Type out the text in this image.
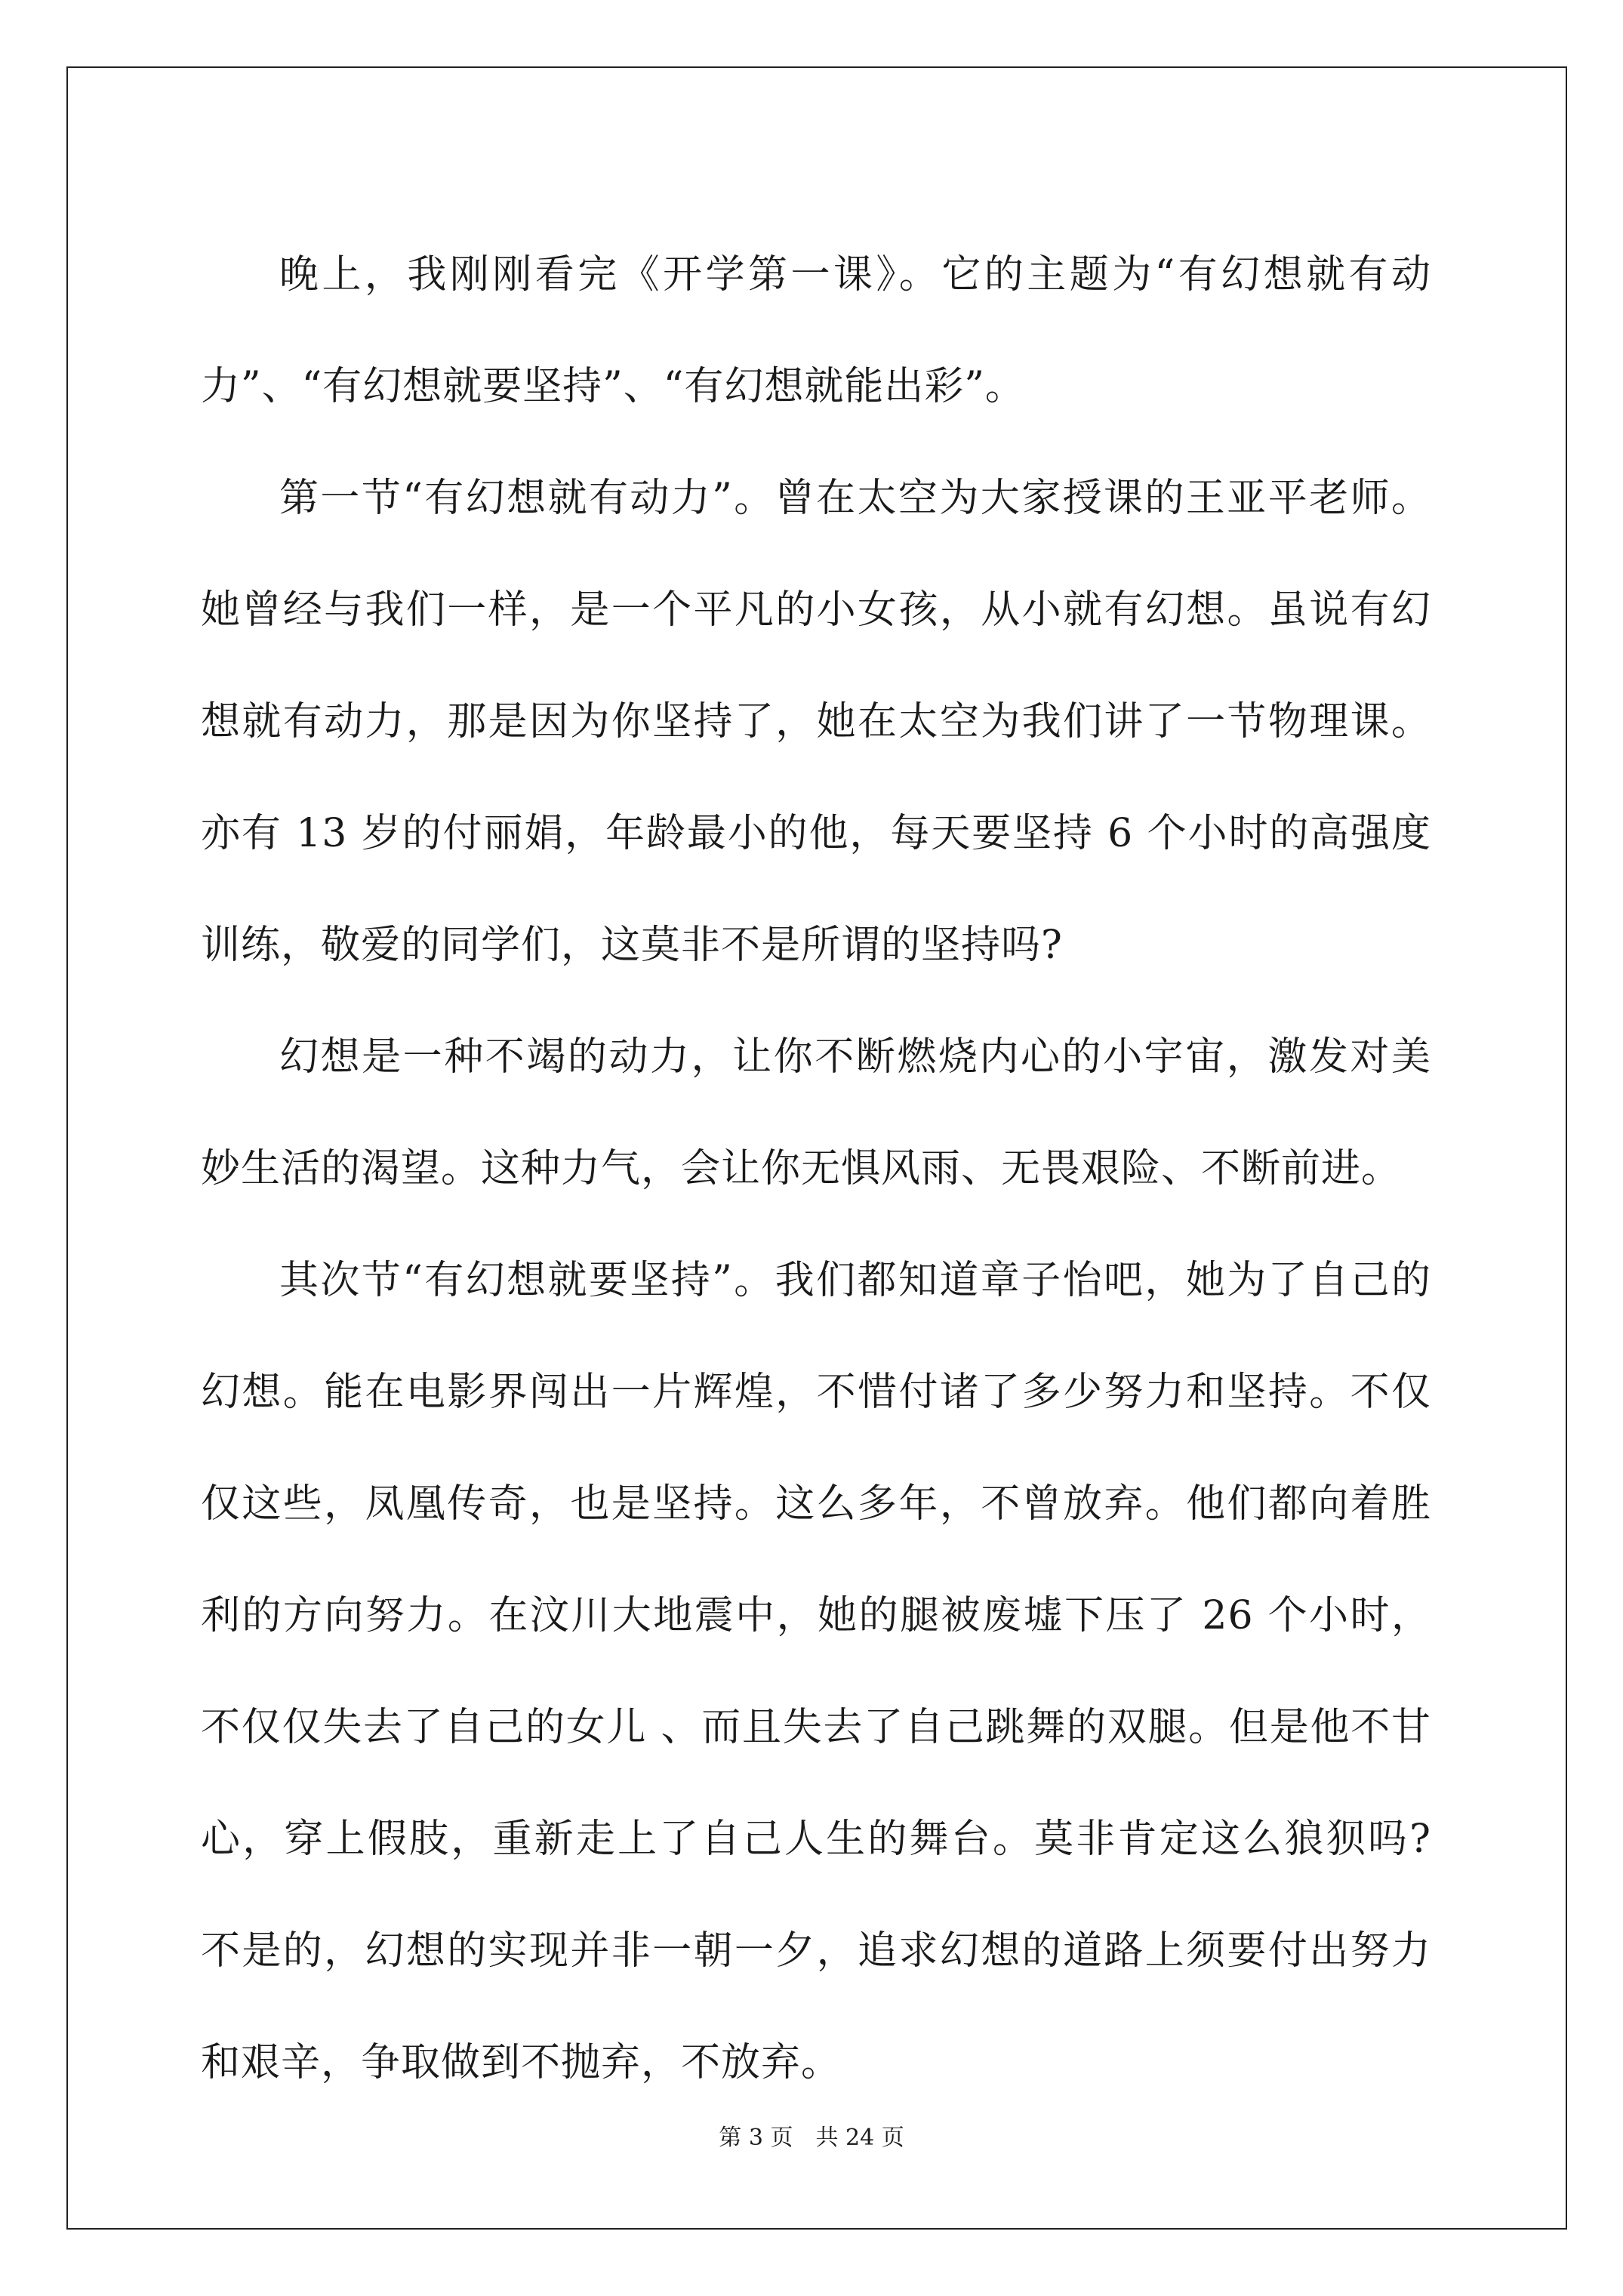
晚上，我刚刚看完《开学第一课》。它的主题为“有幻想就有动力”、“有幻想就要坚持”、“有幻想就能出彩”。

第一节“有幻想就有动力”。曾在太空为大家授课的王亚平老师。她曾经与我们一样，是一个平凡的小女孩，从小就有幻想。虽说有幻想就有动力，那是因为你坚持了，她在太空为我们讲了一节物理课。亦有 13 岁的付丽娟，年龄最小的他，每天要坚持 6 个小时的高强度训练，敬爱的同学们，这莫非不是所谓的坚持吗?

幻想是一种不竭的动力，让你不断燃烧内心的小宇宙，激发对美妙生活的渴望。这种力气，会让你无惧风雨、无畏艰险、不断前进。

其次节“有幻想就要坚持”。我们都知道章子怡吧，她为了自己的幻想。能在电影界闯出一片辉煌，不惜付诸了多少努力和坚持。不仅仅这些，凤凰传奇，也是坚持。这么多年，不曾放弃。他们都向着胜利的方向努力。在汶川大地震中，她的腿被废墟下压了 26 个小时，不仅仅失去了自己的女儿 、而且失去了自己跳舞的双腿。但是他不甘心，穿上假肢，重新走上了自己人生的舞台。莫非肯定这么狼狈吗? 不是的，幻想的实现并非一朝一夕，追求幻想的道路上须要付出努力和艰辛，争取做到不抛弃，不放弃。

第 3 页　共 24 页
